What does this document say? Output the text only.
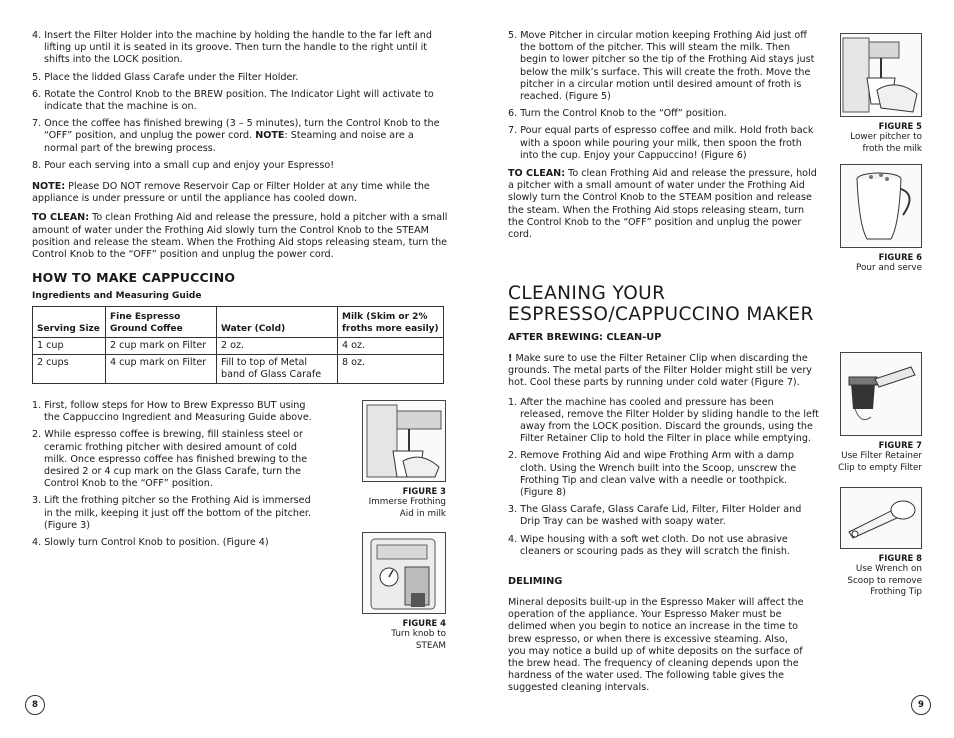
4. Insert the Filter Holder into the machine by holding the handle to the far left and lifting up until it is seated in its groove. Then turn the handle to the right until it shifts into the LOCK position.

5. Place the lidded Glass Carafe under the Filter Holder.

6. Rotate the Control Knob to the BREW position. The Indicator Light will activate to indicate that the machine is on.

7. Once the coffee has finished brewing (3 – 5 minutes), turn the Control Knob to the “OFF” position, and unplug the power cord. NOTE: Steaming and noise are a normal part of the brewing process.

8. Pour each serving into a small cup and enjoy your Espresso!

NOTE: Please DO NOT remove Reservoir Cap or Filter Holder at any time while the appliance is under pressure or until the appliance has cooled down.

TO CLEAN: To clean Frothing Aid and release the pressure, hold a pitcher with a small amount of water under the Frothing Aid slowly turn the Control Knob to the STEAM position and release the steam. When the Frothing Aid stops releasing steam, turn the Control Knob to the “OFF” position and unplug the power cord.

HOW TO MAKE CAPPUCCINO
Ingredients and Measuring Guide
Serving Size	Fine Espresso Ground Coffee	Water (Cold)	Milk (Skim or 2% froths more easily)
1 cup	2 cup mark on Filter	2 oz.	4 oz.
2 cups	4 cup mark on Filter	Fill to top of Metal band of Glass Carafe	8 oz.

1. First, follow steps for How to Brew Expresso BUT using the Cappuccino Ingredient and Measuring Guide above.

2. While espresso coffee is brewing, fill stainless steel or ceramic frothing pitcher with desired amount of cold milk. Once espresso coffee has finished brewing to the desired 2 or 4 cup mark on the Glass Carafe, turn the Control Knob to the “OFF” position.

3. Lift the frothing pitcher so the Frothing Aid is immersed in the milk, keeping it just off the bottom of the pitcher. (Figure 3)

4. Slowly turn Control Knob to position. (Figure 4)

FIGURE 3
Immerse Frothing
Aid in milk
FIGURE 4
Turn knob to STEAM
8

5. Move Pitcher in circular motion keeping Frothing Aid just off the bottom of the pitcher. This will steam the milk. Then begin to lower pitcher so the tip of the Frothing Aid stays just below the milk’s surface. This will create the froth. Move the pitcher in a circular motion until desired amount of froth is reached. (Figure 5)

6. Turn the Control Knob to the “Off” position.

7. Pour equal parts of espresso coffee and milk. Hold froth back with a spoon while pouring your milk, then spoon the froth into the cup. Enjoy your Cappuccino! (Figure 6)

TO CLEAN: To clean Frothing Aid and release the pressure, hold a pitcher with a small amount of water under the Frothing Aid slowly turn the Control Knob to the STEAM position and release the steam. When the Frothing Aid stops releasing steam, turn the Control Knob to the “OFF” position and unplug the power cord.

CLEANING YOUR
ESPRESSO/CAPPUCCINO MAKER
AFTER BREWING: CLEAN-UP

! Make sure to use the Filter Retainer Clip when discarding the grounds. The metal parts of the Filter Holder might still be very hot. Cool these parts by running under cold water (Figure 7).

1. After the machine has cooled and pressure has been released, remove the Filter Holder by sliding handle to the left away from the LOCK position. Discard the grounds, using the Filter Retainer Clip to hold the Filter in place while emptying.

2. Remove Frothing Aid and wipe Frothing Arm with a damp cloth. Using the Wrench built into the Scoop, unscrew the Frothing Tip and clean valve with a needle or toothpick. (Figure 8)

3. The Glass Carafe, Glass Carafe Lid, Filter, Filter Holder and Drip Tray can be washed with soapy water.

4. Wipe housing with a soft wet cloth. Do not use abrasive cleaners or scouring pads as they will scratch the finish.

DELIMING

Mineral deposits built-up in the Espresso Maker will affect the operation of the appliance. Your Espresso Maker must be delimed when you begin to notice an increase in the time to brew espresso, or when there is excessive steaming. Also, you may notice a build up of white deposits on the surface of the brew head. The frequency of cleaning depends upon the hardness of the water used. The following table gives the suggested cleaning intervals.

FIGURE 5
Lower pitcher to
froth the milk
FIGURE 6
Pour and serve
FIGURE 7
Use Filter Retainer
Clip to empty Filter
FIGURE 8
Use Wrench on
Scoop to remove
Frothing Tip
9
